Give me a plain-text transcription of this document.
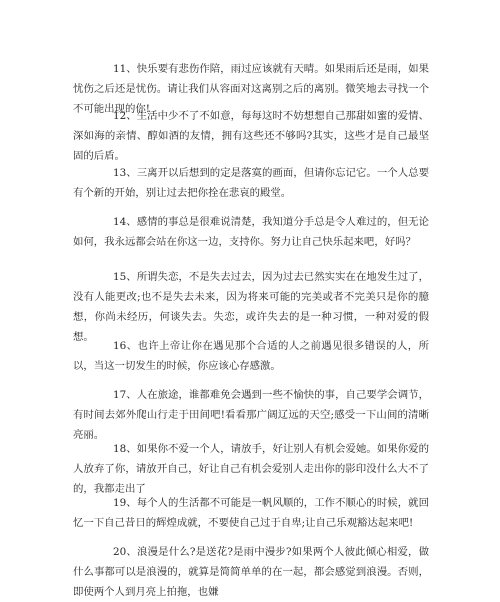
11、快乐要有悲伤作陪，雨过应该就有天晴。如果雨后还是雨，如果忧伤之后还是忧伤。请让我们从容面对这离别之后的离别。微笑地去寻找一个不可能出现的你!

12、生活中少不了不如意，每每这时不妨想想自己那甜如蜜的爱情、深如海的亲情、醇如酒的友情，拥有这些还不够吗?其实，这些才是自己最坚固的后盾。

13、三离开以后想到的定是落寞的画面，但请你忘记它。一个人总要有个新的开始，别让过去把你拴在悲哀的殿堂。

14、感情的事总是很难说清楚，我知道分手总是令人难过的，但无论如何，我永远都会站在你这一边，支持你。努力让自己快乐起来吧，好吗？

15、所谓失恋，不是失去过去，因为过去已然实实在在地发生过了，没有人能更改;也不是失去未来，因为将来可能的完美或者不完美只是你的臆想，你尚未经历，何谈失去。失恋，或许失去的是一种习惯，一种对爱的假想。

16、也许上帝让你在遇见那个合适的人之前遇见很多错误的人，所以，当这一切发生的时候，你应该心存感激。

17、人在旅途，谁都难免会遇到一些不愉快的事，自己要学会调节，有时间去郊外爬山行走于田间吧!看看那广阔辽远的天空;感受一下山间的清晰亮丽。

18、如果你不爱一个人，请放手，好让别人有机会爱她。如果你爱的人放弃了你，请放开自己，好让自己有机会爱别人走出你的影印没什么大不了的，我都走出了

19、每个人的生活都不可能是一帆风顺的，工作不顺心的时候，就回忆一下自己昔日的辉煌成就，不要使自己过于自卑;让自己乐观豁达起来吧!

20、浪漫是什么?是送花?是雨中漫步?如果两个人彼此倾心相爱，做什么事都可以是浪漫的，就算是简简单单的在一起，都会感觉到浪漫。否则，即使两个人到月亮上拍拖，也嫌
